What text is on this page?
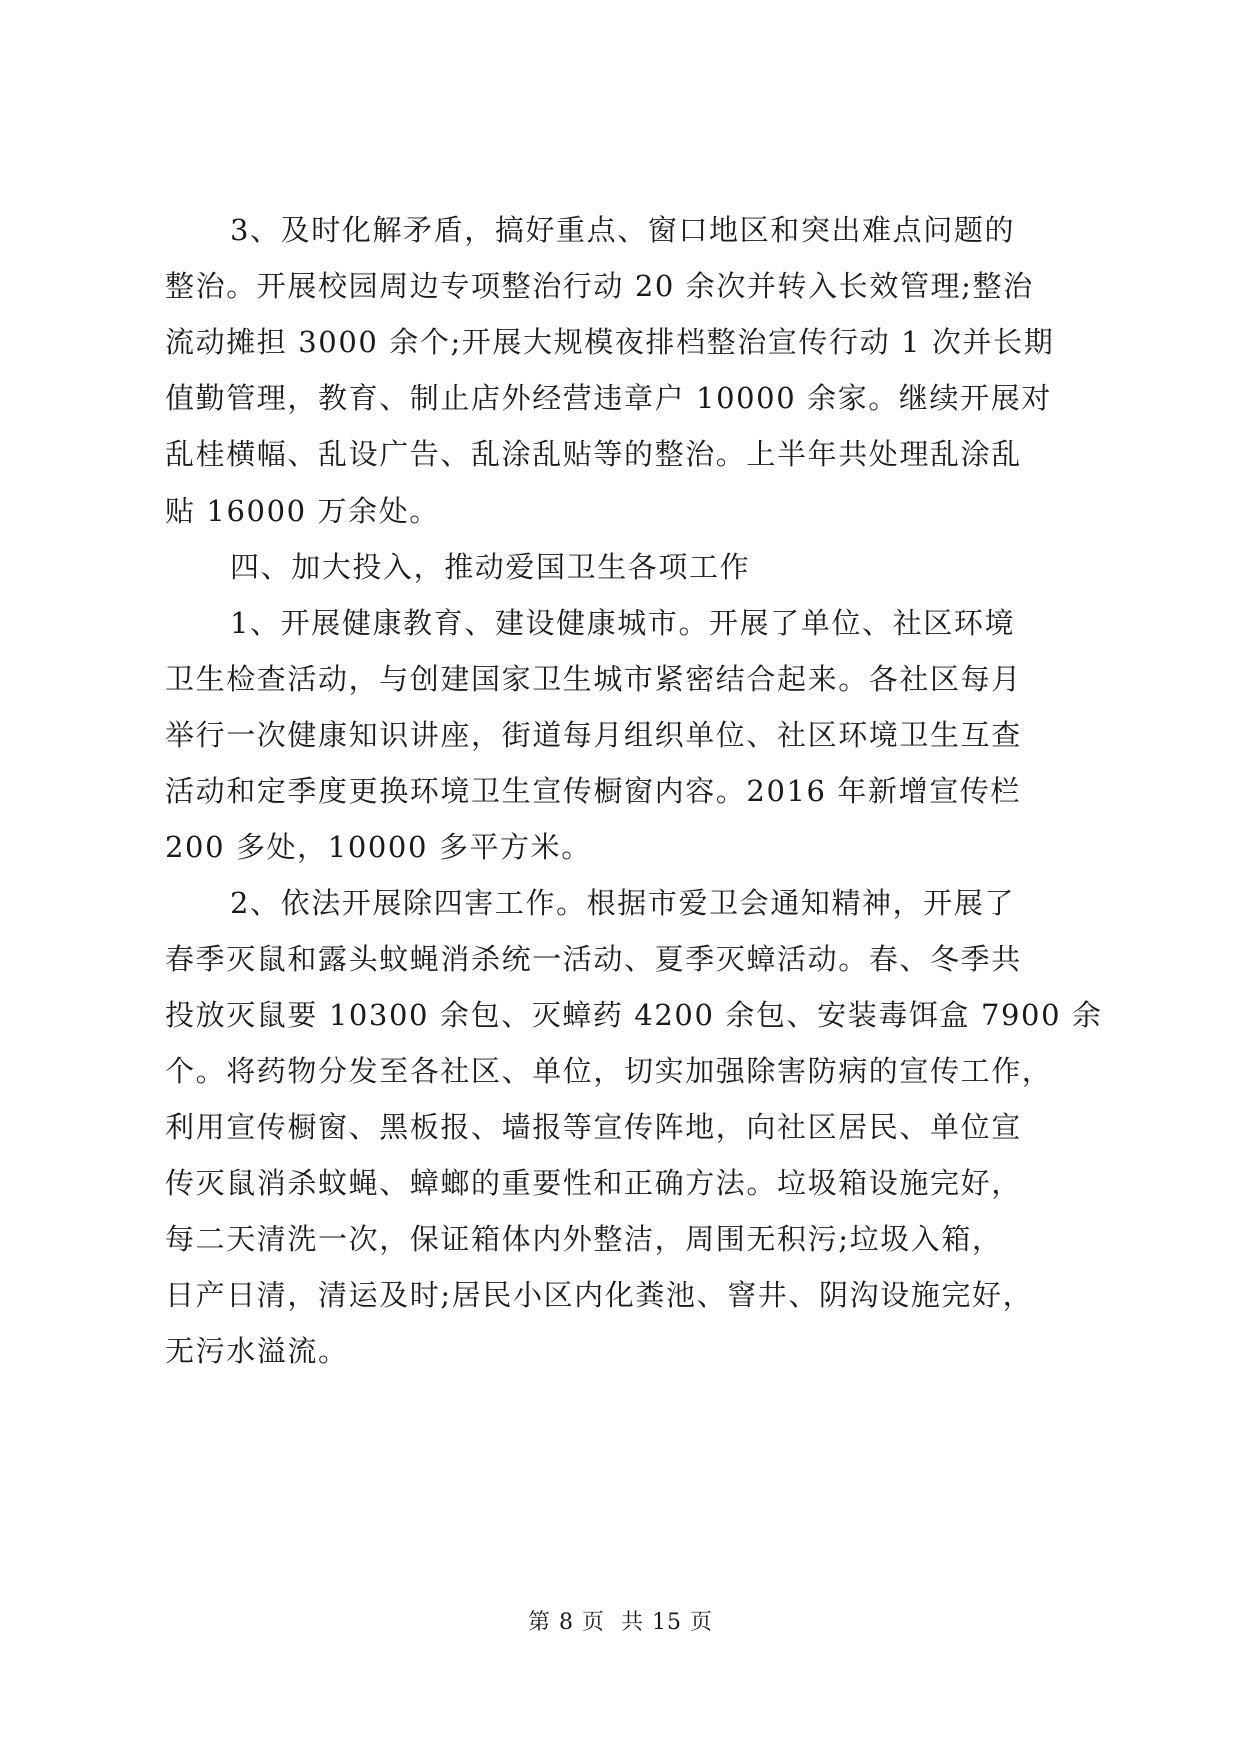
3、及时化解矛盾，搞好重点、窗口地区和突出难点问题的
整治。开展校园周边专项整治行动 20 余次并转入长效管理;整治
流动摊担 3000 余个;开展大规模夜排档整治宣传行动 1 次并长期
值勤管理，教育、制止店外经营违章户 10000 余家。继续开展对
乱桂横幅、乱设广告、乱涂乱贴等的整治。上半年共处理乱涂乱
贴 16000 万余处。
四、加大投入，推动爱国卫生各项工作
1、开展健康教育、建设健康城市。开展了单位、社区环境
卫生检查活动，与创建国家卫生城市紧密结合起来。各社区每月
举行一次健康知识讲座，街道每月组织单位、社区环境卫生互查
活动和定季度更换环境卫生宣传橱窗内容。2016 年新增宣传栏
200 多处，10000 多平方米。
2、依法开展除四害工作。根据市爱卫会通知精神，开展了
春季灭鼠和露头蚊蝇消杀统一活动、夏季灭蟑活动。春、冬季共
投放灭鼠要 10300 余包、灭蟑药 4200 余包、安装毒饵盒 7900 余
个。将药物分发至各社区、单位，切实加强除害防病的宣传工作，
利用宣传橱窗、黑板报、墙报等宣传阵地，向社区居民、单位宣
传灭鼠消杀蚊蝇、蟑螂的重要性和正确方法。垃圾箱设施完好，
每二天清洗一次，保证箱体内外整洁，周围无积污;垃圾入箱，
日产日清，清运及时;居民小区内化粪池、窨井、阴沟设施完好，
无污水溢流。
第 8 页  共 15 页
